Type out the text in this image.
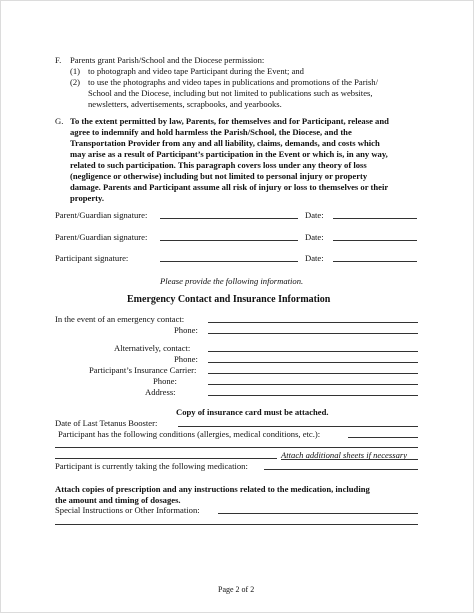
F. Parents grant Parish/School and the Diocese permission:
(1) to photograph and video tape Participant during the Event; and
(2) to use the photographs and video tapes in publications and promotions of the Parish/
School and the Diocese, including but not limited to publications such as websites,
newsletters, advertisements, scrapbooks, and yearbooks.
G. To the extent permitted by law, Parents, for themselves and for Participant, release and
agree to indemnify and hold harmless the Parish/School, the Diocese, and the
Transportation Provider from any and all liability, claims, demands, and costs which
may arise as a result of Participant’s participation in the Event or which is, in any way,
related to such participation. This paragraph covers loss under any theory of loss
(negligence or otherwise) including but not limited to personal injury or property
damage. Parents and Participant assume all risk of injury or loss to themselves or their
property.
Parent/Guardian signature:	Date:
Parent/Guardian signature:	Date:
Participant signature:	Date:
Please provide the following information.
Emergency Contact and Insurance Information
In the event of an emergency contact:
Phone:
Alternatively, contact:
Phone:
Participant’s Insurance Carrier:
Phone:
Address:
Copy of insurance card must be attached.
Date of Last Tetanus Booster:
Participant has the following conditions (allergies, medical conditions, etc.):
Attach additional sheets if necessary
Participant is currently taking the following medication:
Attach copies of prescription and any instructions related to the medication, including
the amount and timing of dosages.
Special Instructions or Other Information:
Page 2 of 2
